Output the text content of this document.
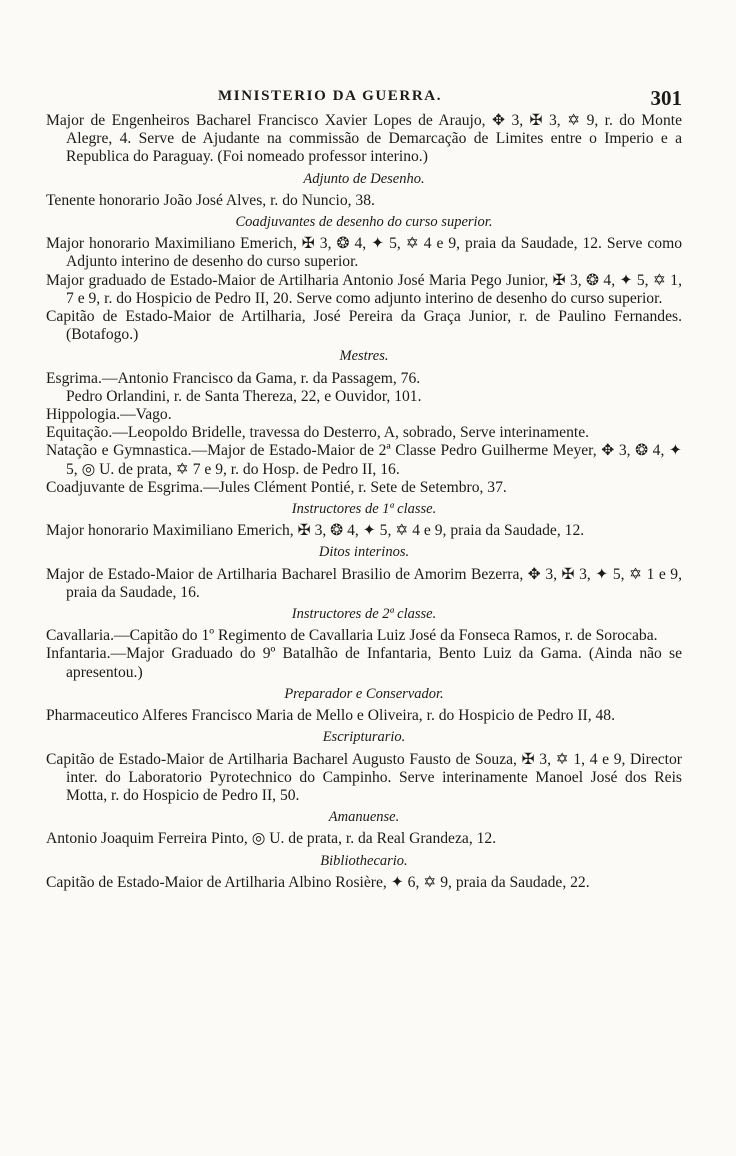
MINISTERIO DA GUERRA.	301
Major de Engenheiros Bacharel Francisco Xavier Lopes de Araujo, ✥ 3, ✠ 3, ✡ 9, r. do Monte Alegre, 4. Serve de Ajudante na commissão de Demarcação de Limites entre o Imperio e a Republica do Paraguay. (Foi nomeado professor interino.)
Adjunto de Desenho.
Tenente honorario João José Alves, r. do Nuncio, 38.
Coadjuvantes de desenho do curso superior.
Major honorario Maximiliano Emerich, ✠ 3, ❂ 4, ✦ 5, ✡ 4 e 9, praia da Saudade, 12. Serve como Adjunto interino de desenho do curso superior.
Major graduado de Estado-Maior de Artilharia Antonio José Maria Pego Junior, ✠ 3, ❂ 4, ✦ 5, ✡ 1, 7 e 9, r. do Hospicio de Pedro II, 20. Serve como adjunto interino de desenho do curso superior.
Capitão de Estado-Maior de Artilharia, José Pereira da Graça Junior, r. de Paulino Fernandes. (Botafogo.)
Mestres.
Esgrima.—Antonio Francisco da Gama, r. da Passagem, 76.
Pedro Orlandini, r. de Santa Thereza, 22, e Ouvidor, 101.
Hippologia.—Vago.
Equitação.—Leopoldo Bridelle, travessa do Desterro, A, sobrado, Serve interinamente.
Natação e Gymnastica.—Major de Estado-Maior de 2ª Classe Pedro Guilherme Meyer, ✥ 3, ❂ 4, ✦ 5, ◎ U. de prata, ✡ 7 e 9, r. do Hosp. de Pedro II, 16.
Coadjuvante de Esgrima.—Jules Clément Pontié, r. Sete de Setembro, 37.
Instructores de 1ª classe.
Major honorario Maximiliano Emerich, ✠ 3, ❂ 4, ✦ 5, ✡ 4 e 9, praia da Saudade, 12.
Ditos interinos.
Major de Estado-Maior de Artilharia Bacharel Brasilio de Amorim Bezerra, ✥ 3, ✠ 3, ✦ 5, ✡ 1 e 9, praia da Saudade, 16.
Instructores de 2ª classe.
Cavallaria.—Capitão do 1º Regimento de Cavallaria Luiz José da Fonseca Ramos, r. de Sorocaba.
Infantaria.—Major Graduado do 9º Batalhão de Infantaria, Bento Luiz da Gama. (Ainda não se apresentou.)
Preparador e Conservador.
Pharmaceutico Alferes Francisco Maria de Mello e Oliveira, r. do Hospicio de Pedro II, 48.
Escripturario.
Capitão de Estado-Maior de Artilharia Bacharel Augusto Fausto de Souza, ✠ 3, ✡ 1, 4 e 9, Director inter. do Laboratorio Pyrotechnico do Campinho. Serve interinamente Manoel José dos Reis Motta, r. do Hospicio de Pedro II, 50.
Amanuense.
Antonio Joaquim Ferreira Pinto, ◎ U. de prata, r. da Real Grandeza, 12.
Bibliothecario.
Capitão de Estado-Maior de Artilharia Albino Rosière, ✦ 6, ✡ 9, praia da Saudade, 22.
